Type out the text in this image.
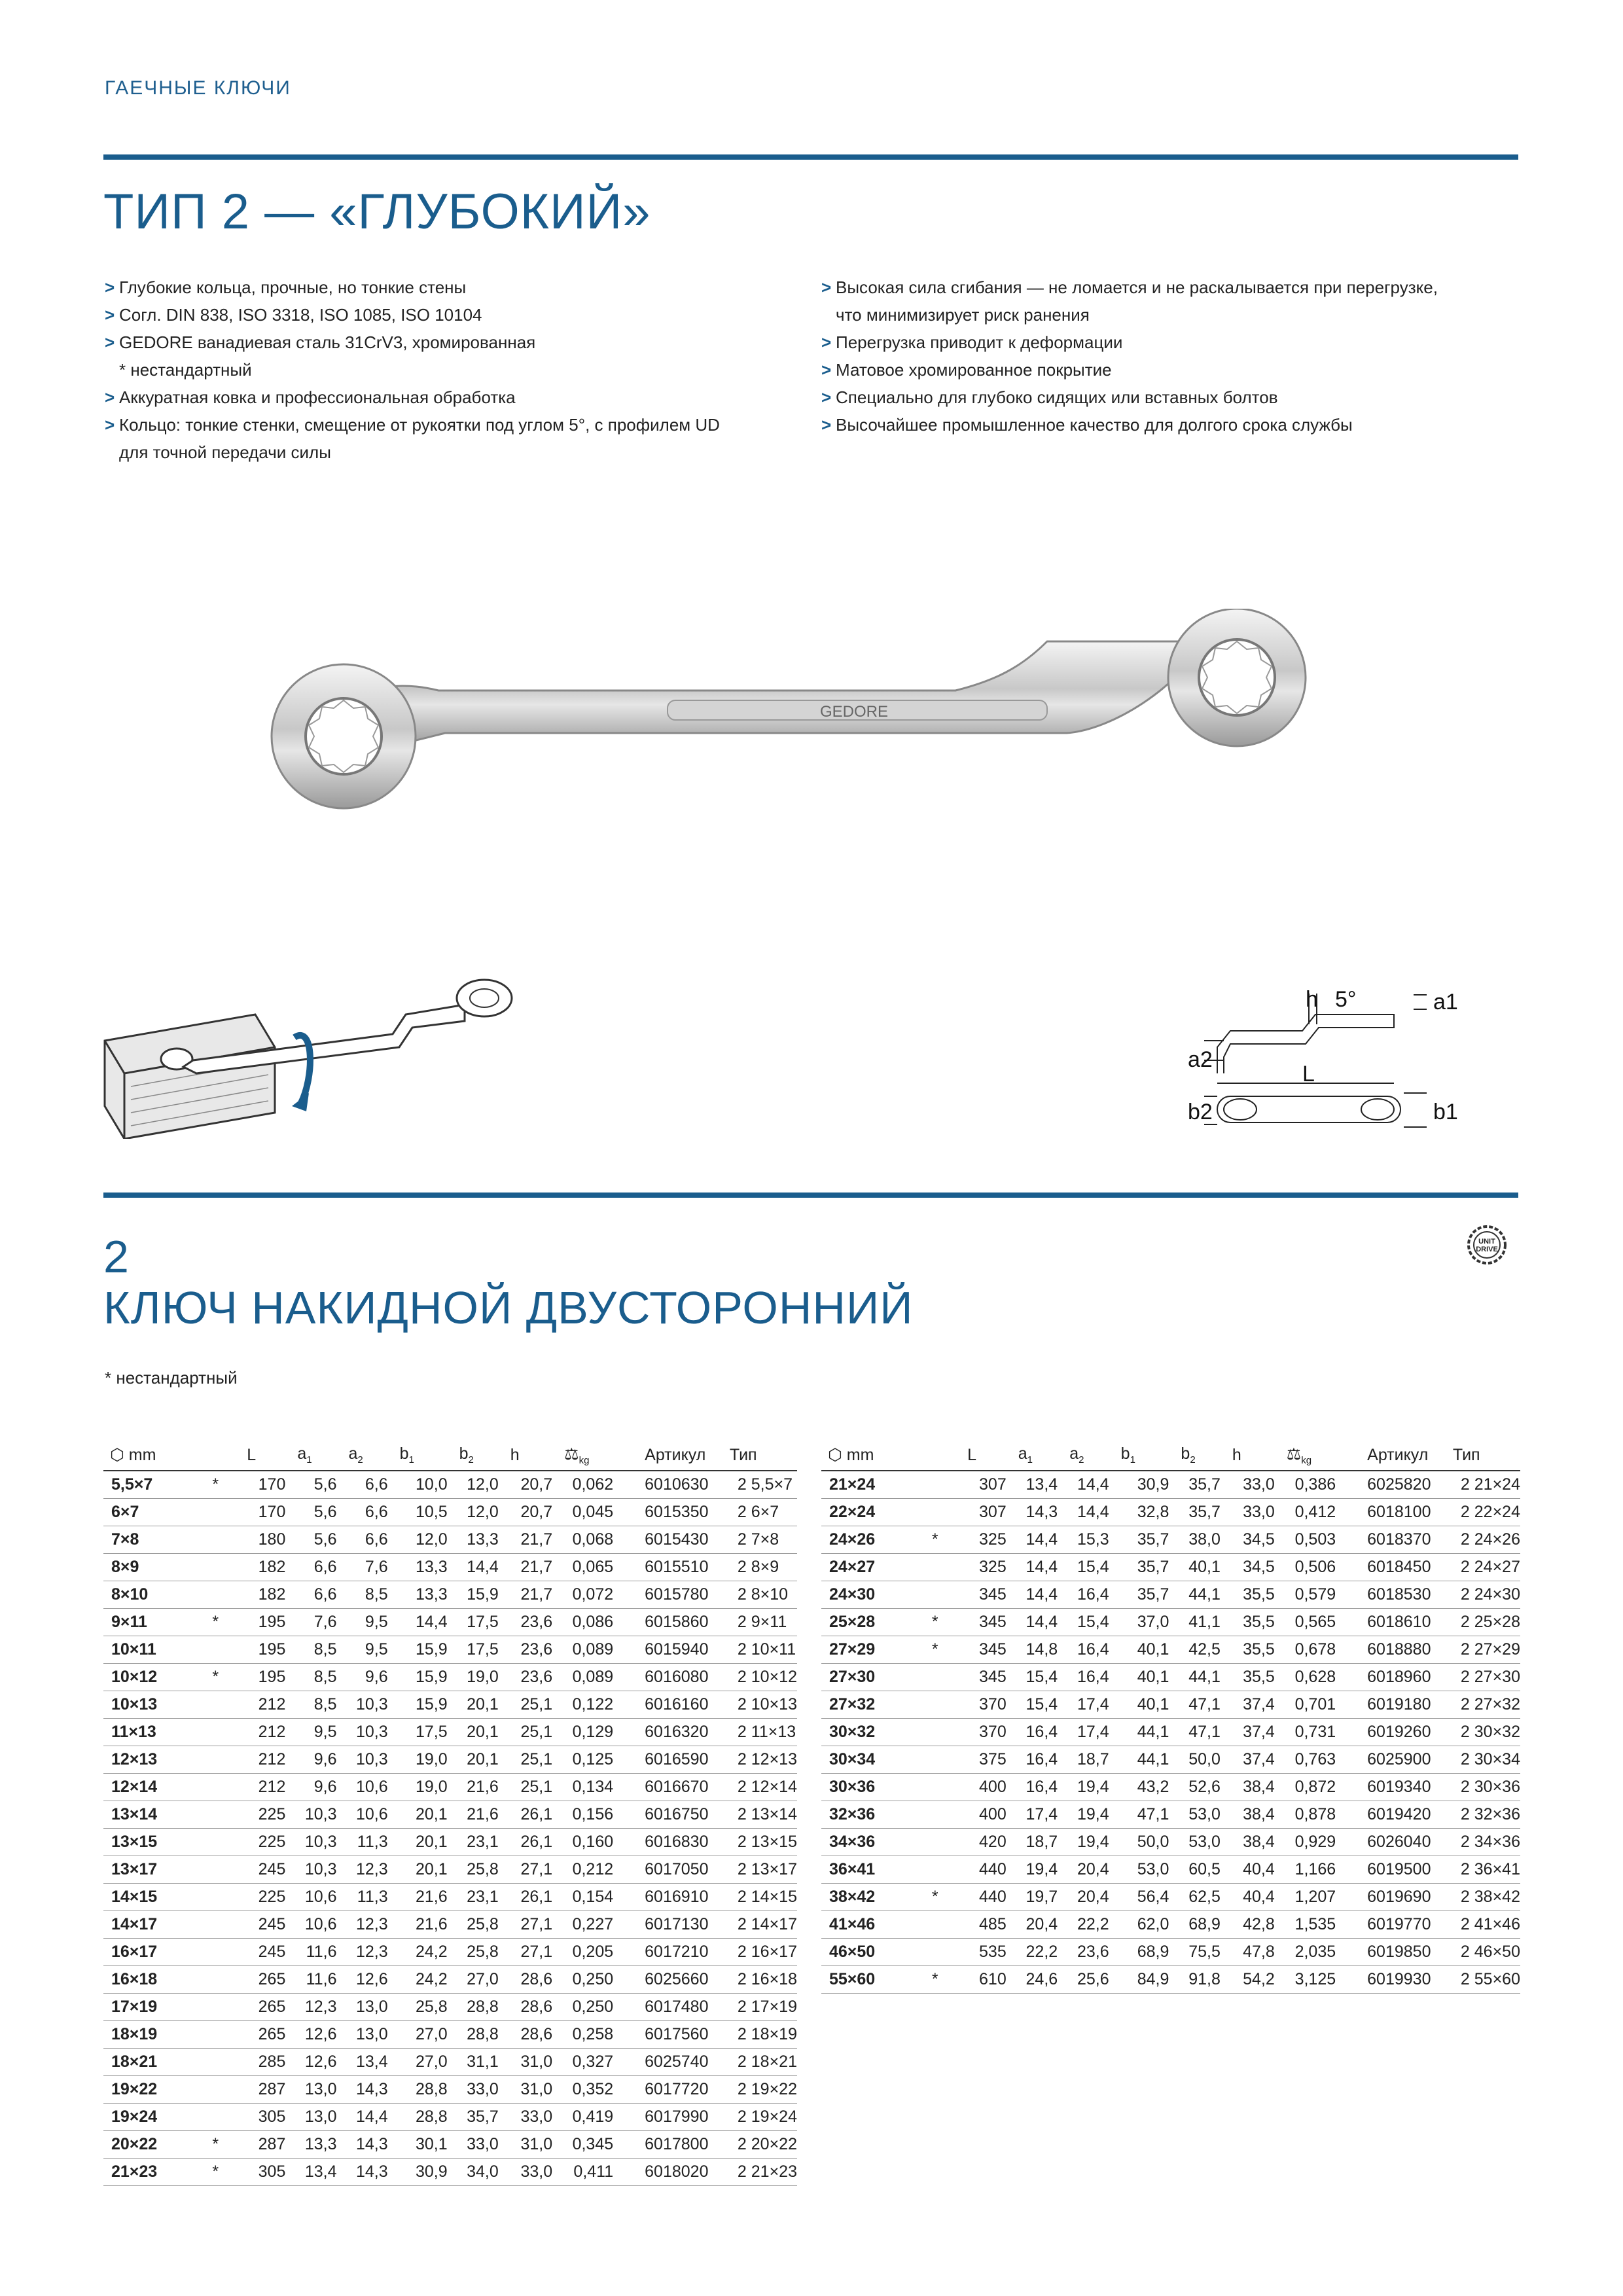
ГАЕЧНЫЕ КЛЮЧИ
ТИП 2 — «ГЛУБОКИЙ»
> Глубокие кольца, прочные, но тонкие стены
> Согл. DIN 838, ISO 3318, ISO 1085, ISO 10104
> GEDORE ванадиевая сталь 31CrV3, хромированная
* нестандартный
> Аккуратная ковка и профессиональная обработка
> Кольцо: тонкие стенки, смещение от рукоятки под углом 5°, с профилем UD
для точной передачи силы
> Высокая сила сгибания — не ломается и не раскалывается при перегрузке,
что минимизирует риск ранения
> Перегрузка приводит к деформации
> Матовое хромированное покрытие
> Специально для глубоко сидящих или вставных болтов
> Высочайшее промышленное качество для долгого срока службы
GEDORE
a2
b2
h 5°
L
a1
b1
2
КЛЮЧ НАКИДНОЙ ДВУСТОРОННИЙ
* нестандартный
UNIT
DRIVE
⬡ mm		L	$a_1$	$a_2$	$b_1$	$b_2$	h	$⚖_{kg}$	Артикул	Тип
5,5×7	*	170	5,6	6,6	10,0	12,0	20,7	0,062	6010630	2 5,5×7
6×7		170	5,6	6,6	10,5	12,0	20,7	0,045	6015350	2 6×7
7×8		180	5,6	6,6	12,0	13,3	21,7	0,068	6015430	2 7×8
8×9		182	6,6	7,6	13,3	14,4	21,7	0,065	6015510	2 8×9
8×10		182	6,6	8,5	13,3	15,9	21,7	0,072	6015780	2 8×10
9×11	*	195	7,6	9,5	14,4	17,5	23,6	0,086	6015860	2 9×11
10×11		195	8,5	9,5	15,9	17,5	23,6	0,089	6015940	2 10×11
10×12	*	195	8,5	9,6	15,9	19,0	23,6	0,089	6016080	2 10×12
10×13		212	8,5	10,3	15,9	20,1	25,1	0,122	6016160	2 10×13
11×13		212	9,5	10,3	17,5	20,1	25,1	0,129	6016320	2 11×13
12×13		212	9,6	10,3	19,0	20,1	25,1	0,125	6016590	2 12×13
12×14		212	9,6	10,6	19,0	21,6	25,1	0,134	6016670	2 12×14
13×14		225	10,3	10,6	20,1	21,6	26,1	0,156	6016750	2 13×14
13×15		225	10,3	11,3	20,1	23,1	26,1	0,160	6016830	2 13×15
13×17		245	10,3	12,3	20,1	25,8	27,1	0,212	6017050	2 13×17
14×15		225	10,6	11,3	21,6	23,1	26,1	0,154	6016910	2 14×15
14×17		245	10,6	12,3	21,6	25,8	27,1	0,227	6017130	2 14×17
16×17		245	11,6	12,3	24,2	25,8	27,1	0,205	6017210	2 16×17
16×18		265	11,6	12,6	24,2	27,0	28,6	0,250	6025660	2 16×18
17×19		265	12,3	13,0	25,8	28,8	28,6	0,250	6017480	2 17×19
18×19		265	12,6	13,0	27,0	28,8	28,6	0,258	6017560	2 18×19
18×21		285	12,6	13,4	27,0	31,1	31,0	0,327	6025740	2 18×21
19×22		287	13,0	14,3	28,8	33,0	31,0	0,352	6017720	2 19×22
19×24		305	13,0	14,4	28,8	35,7	33,0	0,419	6017990	2 19×24
20×22	*	287	13,3	14,3	30,1	33,0	31,0	0,345	6017800	2 20×22
21×23	*	305	13,4	14,3	30,9	34,0	33,0	0,411	6018020	2 21×23
⬡ mm		L	$a_1$	$a_2$	$b_1$	$b_2$	h	$⚖_{kg}$	Артикул	Тип
21×24		307	13,4	14,4	30,9	35,7	33,0	0,386	6025820	2 21×24
22×24		307	14,3	14,4	32,8	35,7	33,0	0,412	6018100	2 22×24
24×26	*	325	14,4	15,3	35,7	38,0	34,5	0,503	6018370	2 24×26
24×27		325	14,4	15,4	35,7	40,1	34,5	0,506	6018450	2 24×27
24×30		345	14,4	16,4	35,7	44,1	35,5	0,579	6018530	2 24×30
25×28	*	345	14,4	15,4	37,0	41,1	35,5	0,565	6018610	2 25×28
27×29	*	345	14,8	16,4	40,1	42,5	35,5	0,678	6018880	2 27×29
27×30		345	15,4	16,4	40,1	44,1	35,5	0,628	6018960	2 27×30
27×32		370	15,4	17,4	40,1	47,1	37,4	0,701	6019180	2 27×32
30×32		370	16,4	17,4	44,1	47,1	37,4	0,731	6019260	2 30×32
30×34		375	16,4	18,7	44,1	50,0	37,4	0,763	6025900	2 30×34
30×36		400	16,4	19,4	43,2	52,6	38,4	0,872	6019340	2 30×36
32×36		400	17,4	19,4	47,1	53,0	38,4	0,878	6019420	2 32×36
34×36		420	18,7	19,4	50,0	53,0	38,4	0,929	6026040	2 34×36
36×41		440	19,4	20,4	53,0	60,5	40,4	1,166	6019500	2 36×41
38×42	*	440	19,7	20,4	56,4	62,5	40,4	1,207	6019690	2 38×42
41×46		485	20,4	22,2	62,0	68,9	42,8	1,535	6019770	2 41×46
46×50		535	22,2	23,6	68,9	75,5	47,8	2,035	6019850	2 46×50
55×60	*	610	24,6	25,6	84,9	91,8	54,2	3,125	6019930	2 55×60
